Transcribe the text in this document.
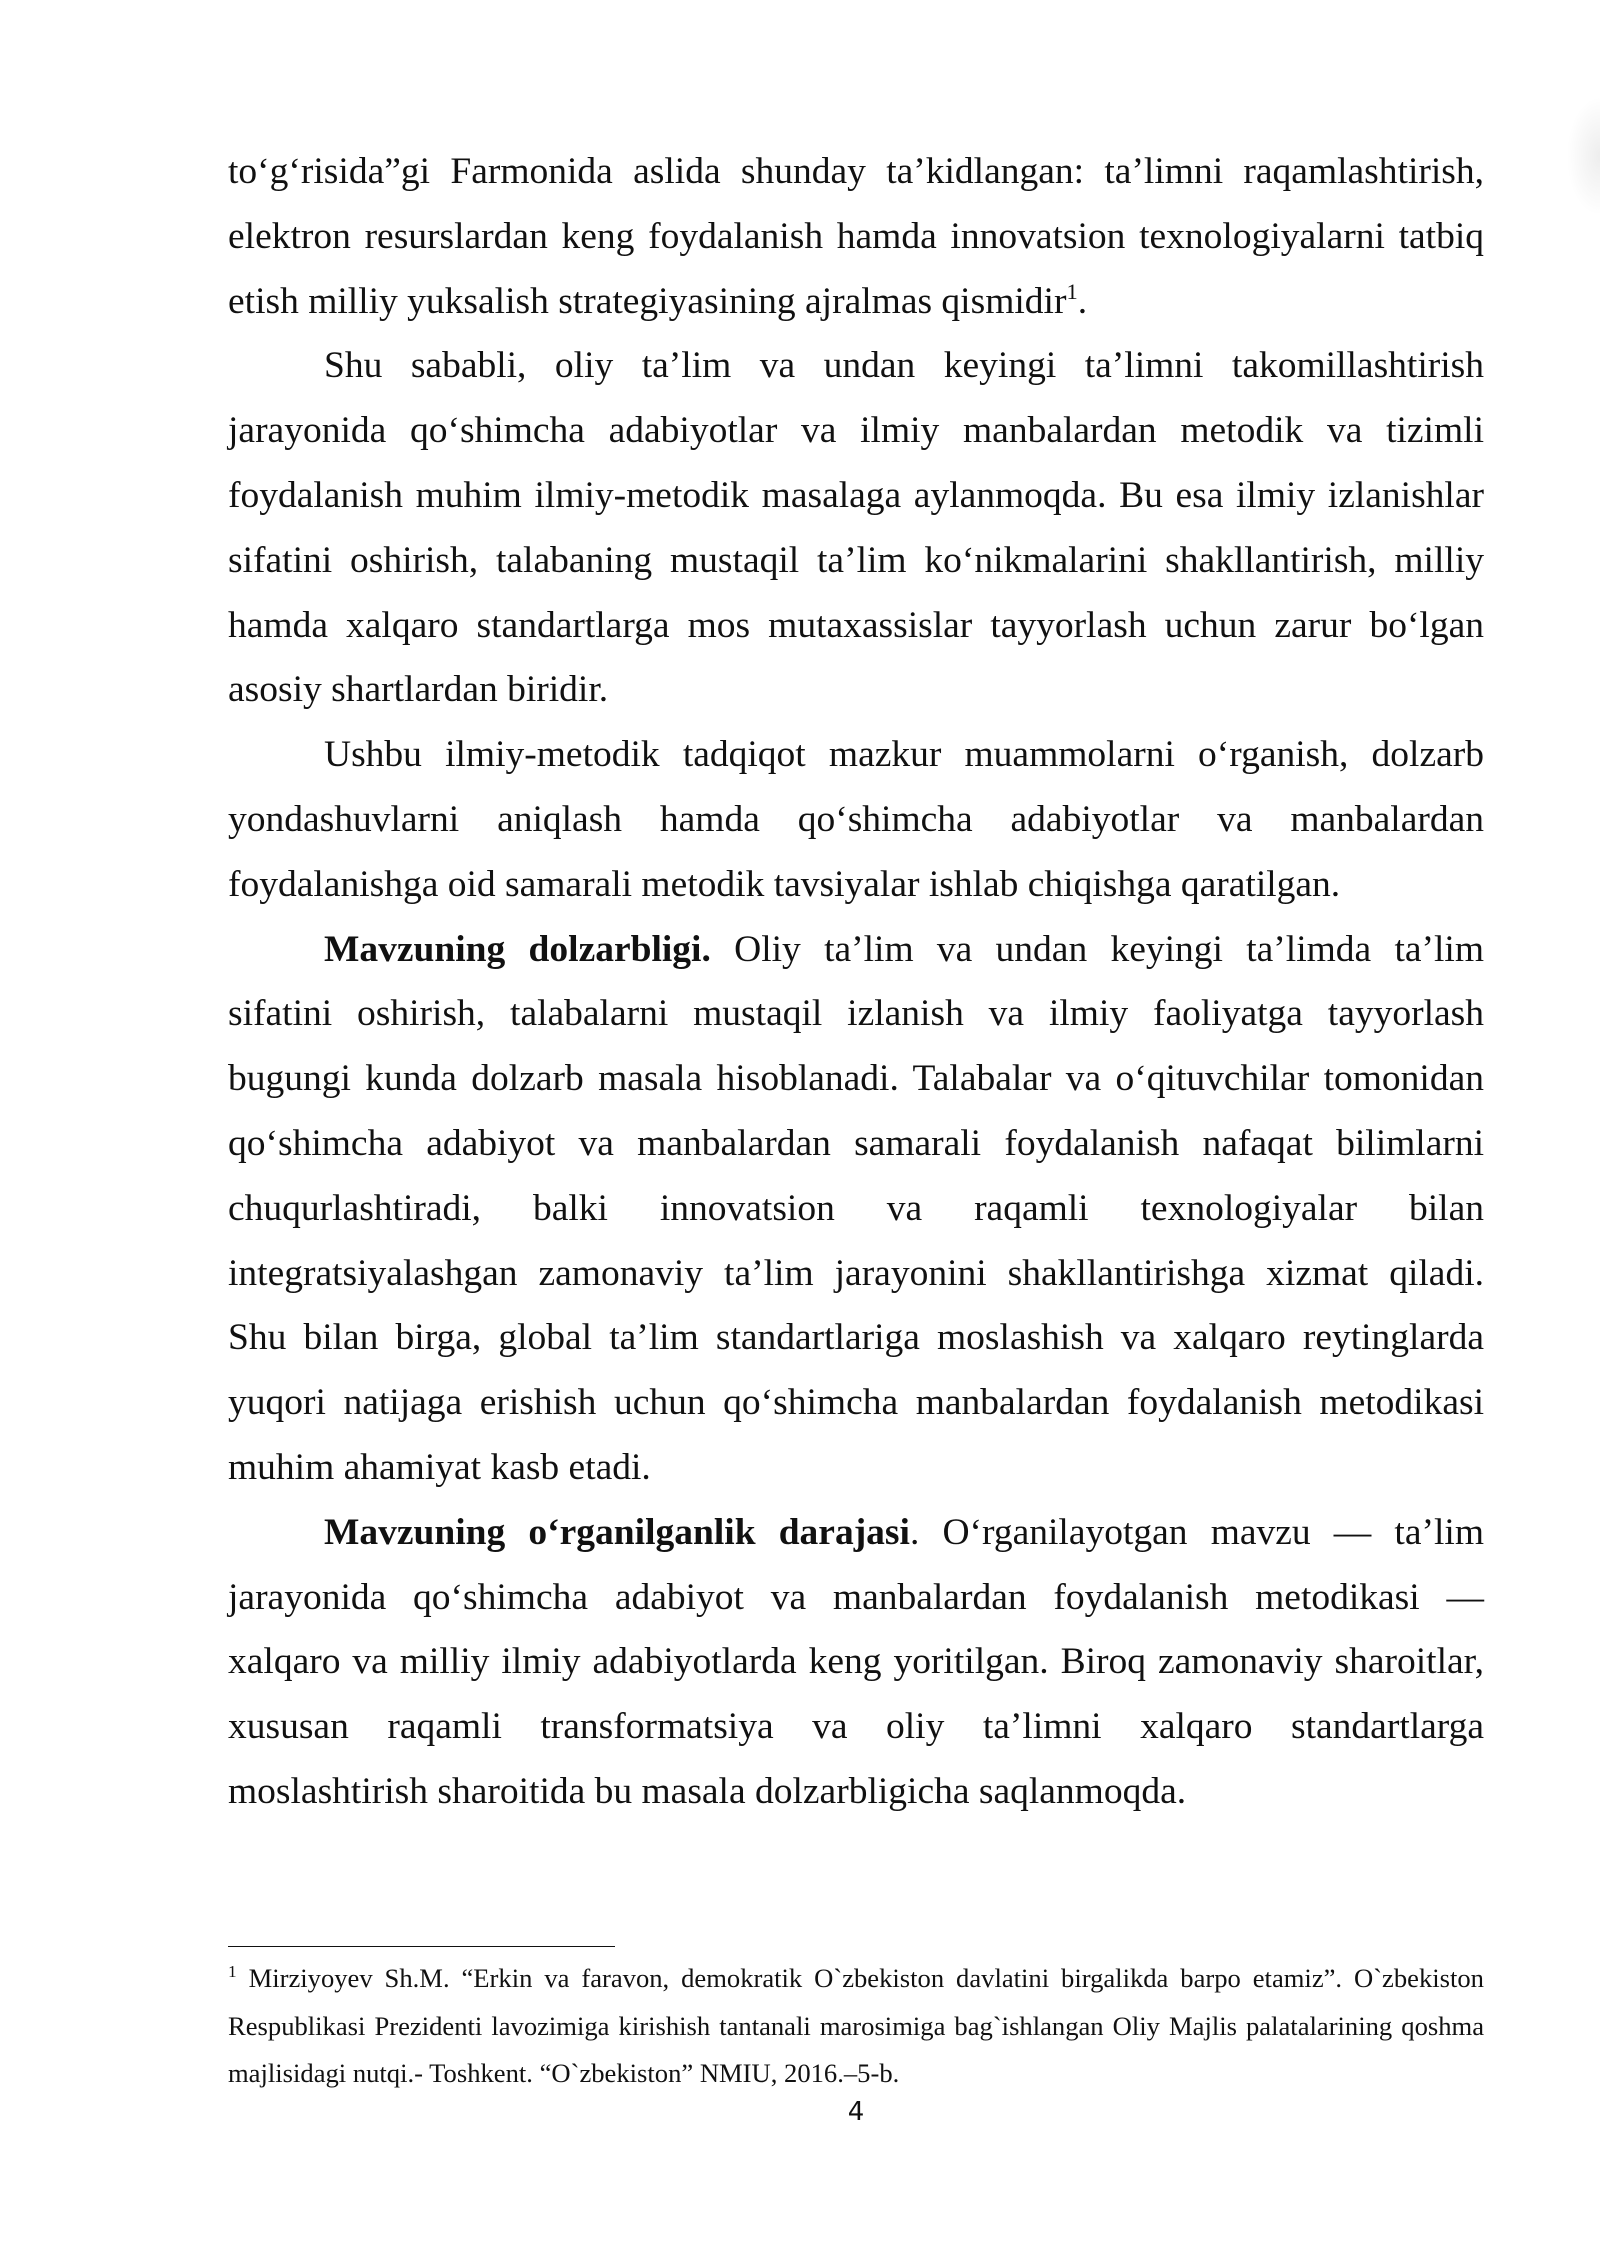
to‘g‘risida”gi Farmonida aslida shunday ta’kidlangan: ta’limni raqamlashtirish,
elektron resurslardan keng foydalanish hamda innovatsion texnologiyalarni tatbiq
etish milliy yuksalish strategiyasining ajralmas qismidir$^1$.
Shu sababli, oliy ta’lim va undan keyingi ta’limni takomillashtirish
jarayonida qo‘shimcha adabiyotlar va ilmiy manbalardan metodik va tizimli
foydalanish muhim ilmiy-metodik masalaga aylanmoqda. Bu esa ilmiy izlanishlar
sifatini oshirish, talabaning mustaqil ta’lim ko‘nikmalarini shakllantirish, milliy
hamda xalqaro standartlarga mos mutaxassislar tayyorlash uchun zarur bo‘lgan
asosiy shartlardan biridir.
Ushbu ilmiy-metodik tadqiqot mazkur muammolarni o‘rganish, dolzarb
yondashuvlarni aniqlash hamda qo‘shimcha adabiyotlar va manbalardan
foydalanishga oid samarali metodik tavsiyalar ishlab chiqishga qaratilgan.
Mavzuning dolzarbligi. Oliy ta’lim va undan keyingi ta’limda ta’lim
sifatini oshirish, talabalarni mustaqil izlanish va ilmiy faoliyatga tayyorlash
bugungi kunda dolzarb masala hisoblanadi. Talabalar va o‘qituvchilar tomonidan
qo‘shimcha adabiyot va manbalardan samarali foydalanish nafaqat bilimlarni
chuqurlashtiradi, balki innovatsion va raqamli texnologiyalar bilan
integratsiyalashgan zamonaviy ta’lim jarayonini shakllantirishga xizmat qiladi.
Shu bilan birga, global ta’lim standartlariga moslashish va xalqaro reytinglarda
yuqori natijaga erishish uchun qo‘shimcha manbalardan foydalanish metodikasi
muhim ahamiyat kasb etadi.
Mavzuning o‘rganilganlik darajasi. O‘rganilayotgan mavzu — ta’lim
jarayonida qo‘shimcha adabiyot va manbalardan foydalanish metodikasi —
xalqaro va milliy ilmiy adabiyotlarda keng yoritilgan. Biroq zamonaviy sharoitlar,
xususan raqamli transformatsiya va oliy ta’limni xalqaro standartlarga
moslashtirish sharoitida bu masala dolzarbligicha saqlanmoqda.
$^1$ Mirziyoyev Sh.M. “Erkin va faravon, demokratik O`zbekiston davlatini birgalikda barpo etamiz”. O`zbekiston
Respublikasi Prezidenti lavozimiga kirishish tantanali marosimiga bag`ishlangan Oliy Majlis palatalarining qoshma
majlisidagi nutqi.- Toshkent. “O`zbekiston” NMIU, 2016.–5-b.
4
